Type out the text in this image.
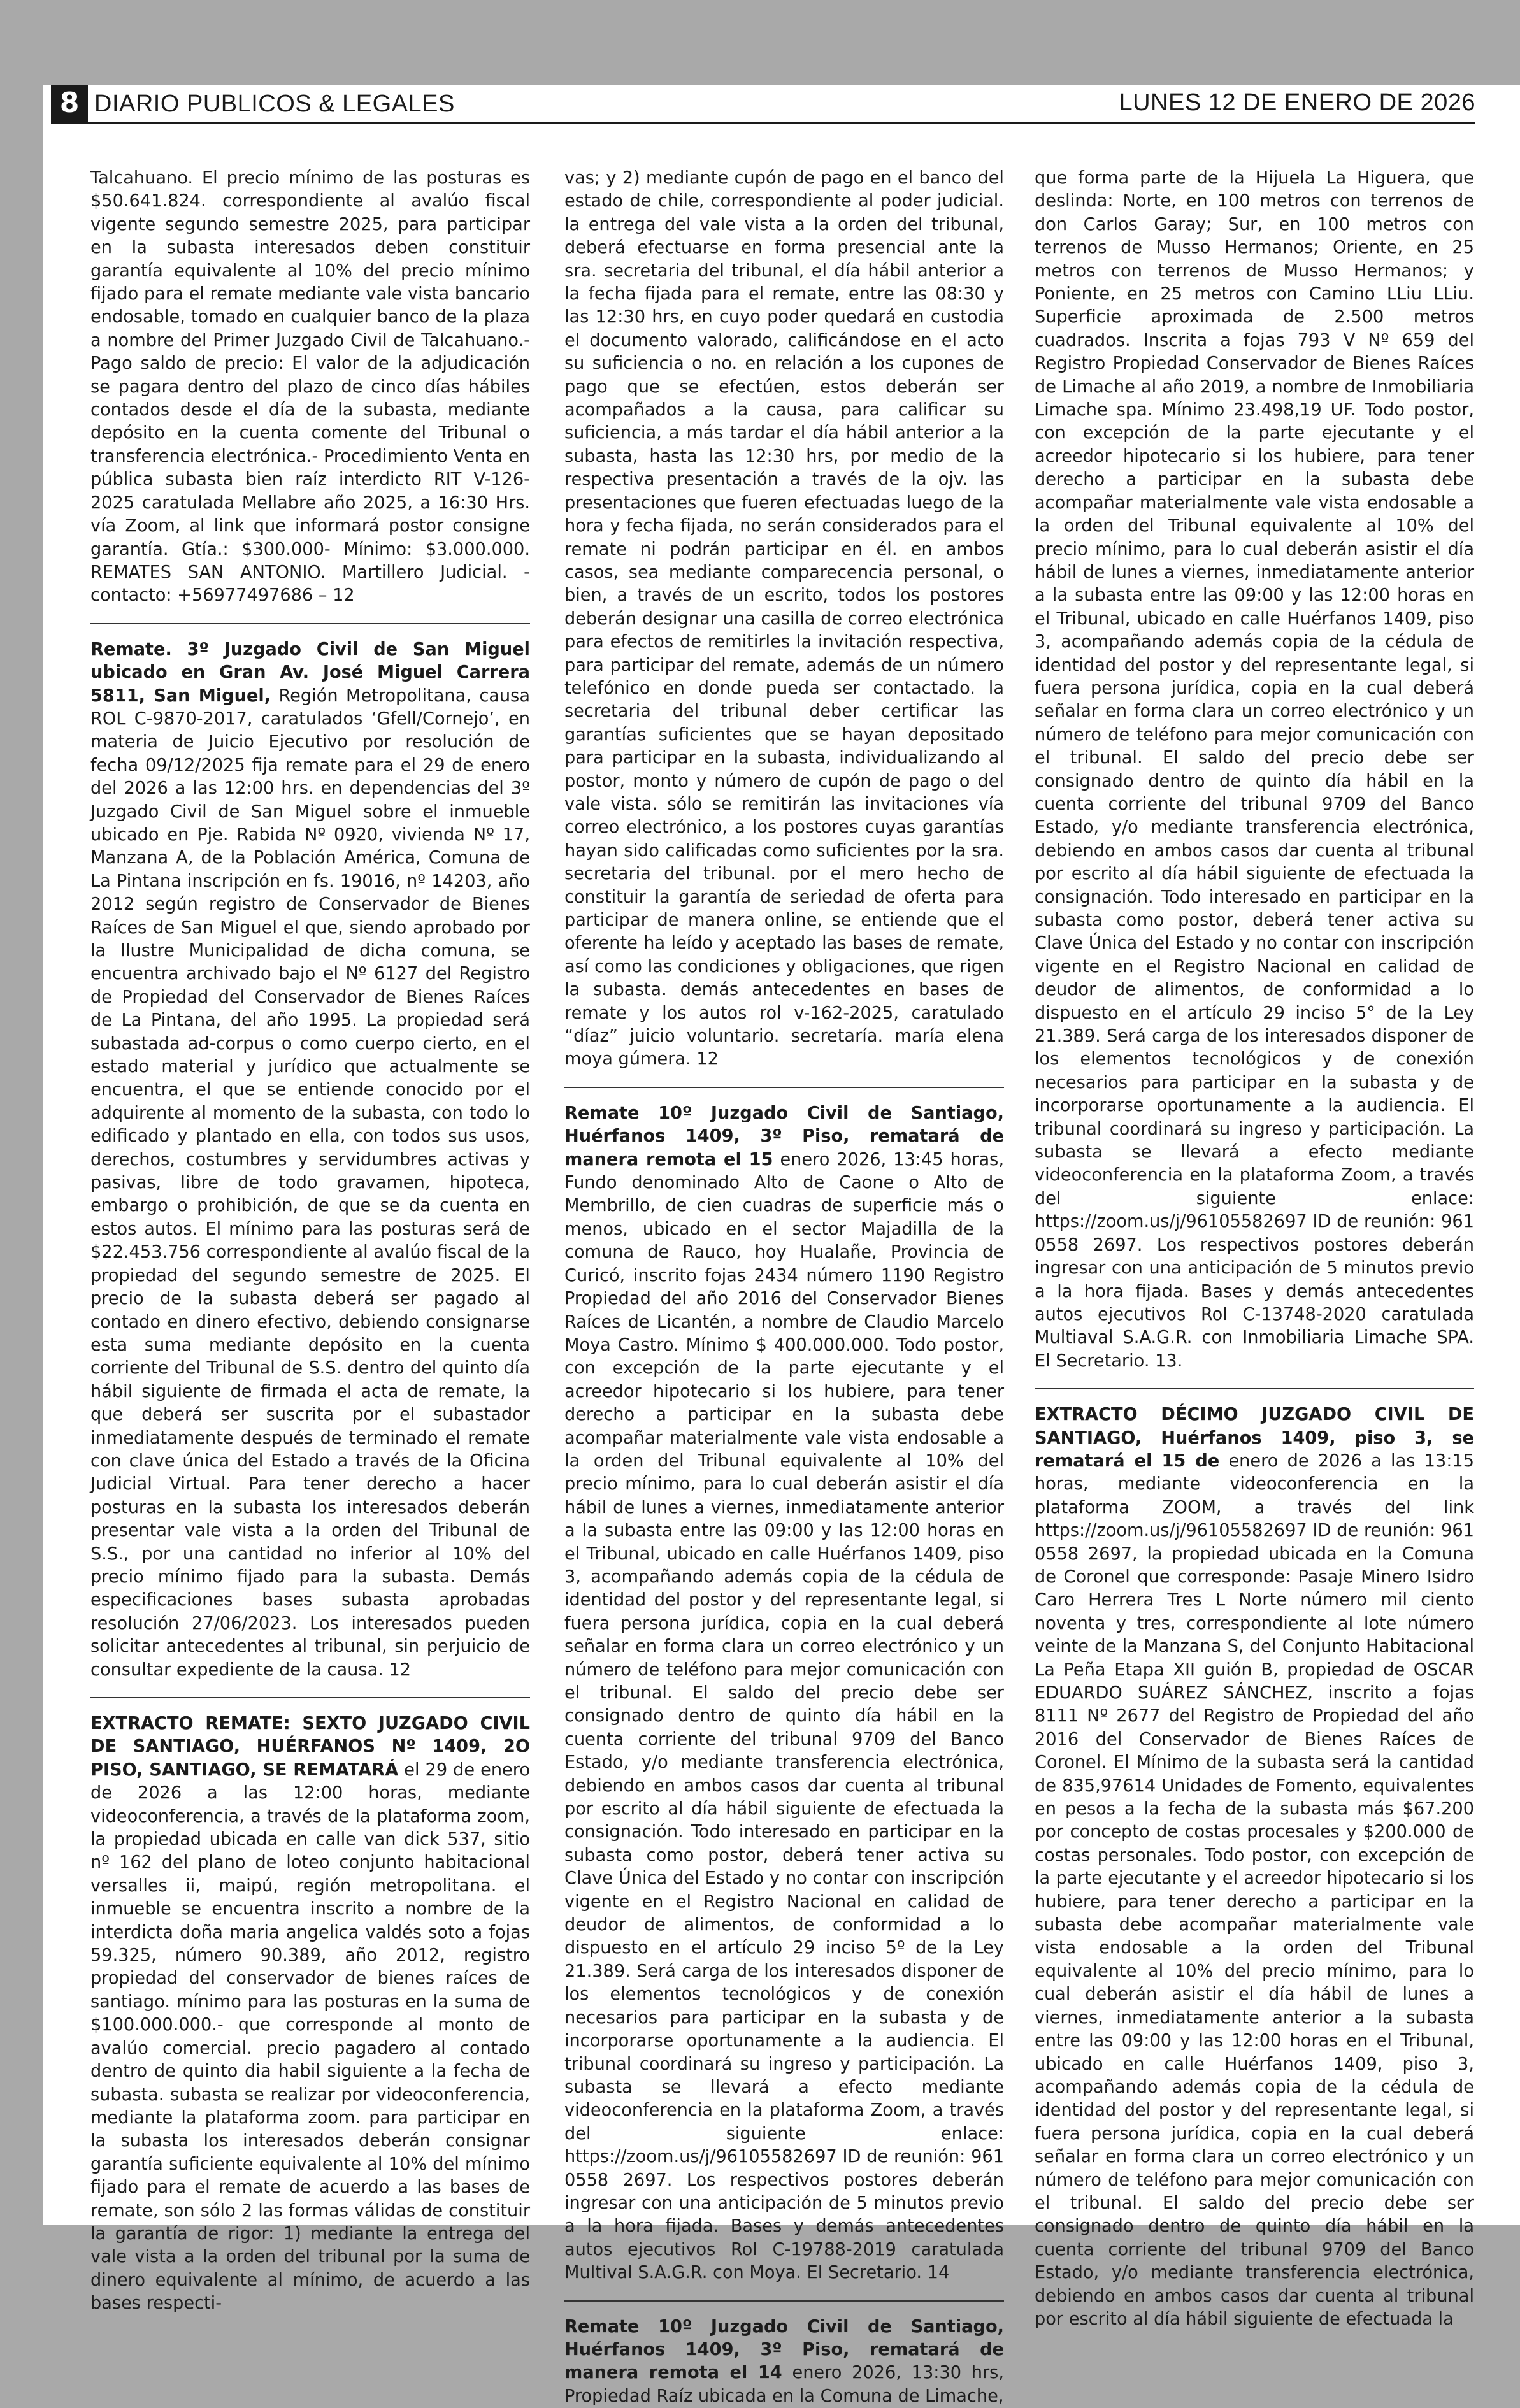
8 DIARIO PUBLICOS & LEGALES	LUNES 12 DE ENERO DE 2026

Talcahuano. El precio mínimo de las posturas es $50.641.824. correspondiente al avalúo fiscal vigente segundo semestre 2025, para participar en la subasta interesados deben constituir garantía equivalente al 10% del precio mínimo fijado para el remate mediante vale vista bancario endosable, tomado en cualquier banco de la plaza a nombre del Primer Juzgado Civil de Talcahuano.- Pago saldo de precio: El valor de la adjudicación se pagara dentro del plazo de cinco días hábiles contados desde el día de la subasta, mediante depósito en la cuenta comente del Tribunal o transferencia electrónica.- Procedimiento Venta en pública subasta bien raíz interdicto RIT V-126-2025 caratulada Mellabre año 2025, a 16:30 Hrs. vía Zoom, al link que informará postor consigne garantía. Gtía.: $300.000- Mínimo: $3.000.000. REMATES SAN ANTONIO. Martillero Judicial. - contacto: +56977497686 – 12

Remate. 3º Juzgado Civil de San Miguel ubicado en Gran Av. José Miguel Carrera 5811, San Miguel, Región Metropolitana, causa ROL C-9870-2017, caratulados ‘Gfell/Cornejo’, en materia de Juicio Ejecutivo por resolución de fecha 09/12/2025 fija remate para el 29 de enero del 2026 a las 12:00 hrs. en dependencias del 3º Juzgado Civil de San Miguel sobre el inmueble ubicado en Pje. Rabida Nº 0920, vivienda Nº 17, Manzana A, de la Población América, Comuna de La Pintana inscripción en fs. 19016, nº 14203, año 2012 según registro de Conservador de Bienes Raíces de San Miguel el que, siendo aprobado por la Ilustre Municipalidad de dicha comuna, se encuentra archivado bajo el Nº 6127 del Registro de Propiedad del Conservador de Bienes Raíces de La Pintana, del año 1995. La propiedad será subastada ad-corpus o como cuerpo cierto, en el estado material y jurídico que actualmente se encuentra, el que se entiende conocido por el adquirente al momento de la subasta, con todo lo edificado y plantado en ella, con todos sus usos, derechos, costumbres y servidumbres activas y pasivas, libre de todo gravamen, hipoteca, embargo o prohibición, de que se da cuenta en estos autos. El mínimo para las posturas será de $22.453.756 correspondiente al avalúo fiscal de la propiedad del segundo semestre de 2025. El precio de la subasta deberá ser pagado al contado en dinero efectivo, debiendo consignarse esta suma mediante depósito en la cuenta corriente del Tribunal de S.S. dentro del quinto día hábil siguiente de firmada el acta de remate, la que deberá ser suscrita por el subastador inmediatamente después de terminado el remate con clave única del Estado a través de la Oficina Judicial Virtual. Para tener derecho a hacer posturas en la subasta los interesados deberán presentar vale vista a la orden del Tribunal de S.S., por una cantidad no inferior al 10% del precio mínimo fijado para la subasta. Demás especificaciones bases subasta aprobadas resolución 27/06/2023. Los interesados pueden solicitar antecedentes al tribunal, sin perjuicio de consultar expediente de la causa. 12

EXTRACTO REMATE: SEXTO JUZGADO CIVIL DE SANTIAGO, HUÉRFANOS Nº 1409, 2O PISO, SANTIAGO, SE REMATARÁ el 29 de enero de 2026 a las 12:00 horas, mediante videoconferencia, a través de la plataforma zoom, la propiedad ubicada en calle van dick 537, sitio nº 162 del plano de loteo conjunto habitacional versalles ii, maipú, región metropolitana. el inmueble se encuentra inscrito a nombre de la interdicta doña maria angelica valdés soto a fojas 59.325, número 90.389, año 2012, registro propiedad del conservador de bienes raíces de santiago. mínimo para las posturas en la suma de $100.000.000.- que corresponde al monto de avalúo comercial. precio pagadero al contado dentro de quinto dia habil siguiente a la fecha de subasta. subasta se realizar por videoconferencia, mediante la plataforma zoom. para participar en la subasta los interesados deberán consignar garantía suficiente equivalente al 10% del mínimo fijado para el remate de acuerdo a las bases de remate, son sólo 2 las formas válidas de constituir la garantía de rigor: 1) mediante la entrega del vale vista a la orden del tribunal por la suma de dinero equivalente al mínimo, de acuerdo a las bases respecti-

vas; y 2) mediante cupón de pago en el banco del estado de chile, correspondiente al poder judicial. la entrega del vale vista a la orden del tribunal, deberá efectuarse en forma presencial ante la sra. secretaria del tribunal, el día hábil anterior a la fecha fijada para el remate, entre las 08:30 y las 12:30 hrs, en cuyo poder quedará en custodia el documento valorado, calificándose en el acto su suficiencia o no. en relación a los cupones de pago que se efectúen, estos deberán ser acompañados a la causa, para calificar su suficiencia, a más tardar el día hábil anterior a la subasta, hasta las 12:30 hrs, por medio de la respectiva presentación a través de la ojv. las presentaciones que fueren efectuadas luego de la hora y fecha fijada, no serán considerados para el remate ni podrán participar en él. en ambos casos, sea mediante comparecencia personal, o bien, a través de un escrito, todos los postores deberán designar una casilla de correo electrónica para efectos de remitirles la invitación respectiva, para participar del remate, además de un número telefónico en donde pueda ser contactado. la secretaria del tribunal deber certificar las garantías suficientes que se hayan depositado para participar en la subasta, individualizando al postor, monto y número de cupón de pago o del vale vista. sólo se remitirán las invitaciones vía correo electrónico, a los postores cuyas garantías hayan sido calificadas como suficientes por la sra. secretaria del tribunal. por el mero hecho de constituir la garantía de seriedad de oferta para participar de manera online, se entiende que el oferente ha leído y aceptado las bases de remate, así como las condiciones y obligaciones, que rigen la subasta. demás antecedentes en bases de remate y los autos rol v-162-2025, caratulado “díaz” juicio voluntario. secretaría. maría elena moya gúmera. 12

Remate 10º Juzgado Civil de Santiago, Huérfanos 1409, 3º Piso, rematará de manera remota el 15 enero 2026, 13:45 horas, Fundo denominado Alto de Caone o Alto de Membrillo, de cien cuadras de superficie más o menos, ubicado en el sector Majadilla de la comuna de Rauco, hoy Hualañe, Provincia de Curicó, inscrito fojas 2434 número 1190 Registro Propiedad del año 2016 del Conservador Bienes Raíces de Licantén, a nombre de Claudio Marcelo Moya Castro. Mínimo $ 400.000.000. Todo postor, con excepción de la parte ejecutante y el acreedor hipotecario si los hubiere, para tener derecho a participar en la subasta debe acompañar materialmente vale vista endosable a la orden del Tribunal equivalente al 10% del precio mínimo, para lo cual deberán asistir el día hábil de lunes a viernes, inmediatamente anterior a la subasta entre las 09:00 y las 12:00 horas en el Tribunal, ubicado en calle Huérfanos 1409, piso 3, acompañando además copia de la cédula de identidad del postor y del representante legal, si fuera persona jurídica, copia en la cual deberá señalar en forma clara un correo electrónico y un número de teléfono para mejor comunicación con el tribunal. El saldo del precio debe ser consignado dentro de quinto día hábil en la cuenta corriente del tribunal 9709 del Banco Estado, y/o mediante transferencia electrónica, debiendo en ambos casos dar cuenta al tribunal por escrito al día hábil siguiente de efectuada la consignación. Todo interesado en participar en la subasta como postor, deberá tener activa su Clave Única del Estado y no contar con inscripción vigente en el Registro Nacional en calidad de deudor de alimentos, de conformidad a lo dispuesto en el artículo 29 inciso 5º de la Ley 21.389. Será carga de los interesados disponer de los elementos tecnológicos y de conexión necesarios para participar en la subasta y de incorporarse oportunamente a la audiencia. El tribunal coordinará su ingreso y participación. La subasta se llevará a efecto mediante videoconferencia en la plataforma Zoom, a través del siguiente enlace: https://zoom.us/j/96105582697 ID de reunión: 961 0558 2697. Los respectivos postores deberán ingresar con una anticipación de 5 minutos previo a la hora fijada. Bases y demás antecedentes autos ejecutivos Rol C-19788-2019 caratulada Multival S.A.G.R. con Moya. El Secretario. 14

Remate 10º Juzgado Civil de Santiago, Huérfanos 1409, 3º Piso, rematará de manera remota el 14 enero 2026, 13:30 hrs, Propiedad Raíz ubicada en la Comuna de Limache,

que forma parte de la Hijuela La Higuera, que deslinda: Norte, en 100 metros con terrenos de don Carlos Garay; Sur, en 100 metros con terrenos de Musso Hermanos; Oriente, en 25 metros con terrenos de Musso Hermanos; y Poniente, en 25 metros con Camino LLiu LLiu. Superficie aproximada de 2.500 metros cuadrados. Inscrita a fojas 793 V Nº 659 del Registro Propiedad Conservador de Bienes Raíces de Limache al año 2019, a nombre de Inmobiliaria Limache spa. Mínimo 23.498,19 UF. Todo postor, con excepción de la parte ejecutante y el acreedor hipotecario si los hubiere, para tener derecho a participar en la subasta debe acompañar materialmente vale vista endosable a la orden del Tribunal equivalente al 10% del precio mínimo, para lo cual deberán asistir el día hábil de lunes a viernes, inmediatamente anterior a la subasta entre las 09:00 y las 12:00 horas en el Tribunal, ubicado en calle Huérfanos 1409, piso 3, acompañando además copia de la cédula de identidad del postor y del representante legal, si fuera persona jurídica, copia en la cual deberá señalar en forma clara un correo electrónico y un número de teléfono para mejor comunicación con el tribunal. El saldo del precio debe ser consignado dentro de quinto día hábil en la cuenta corriente del tribunal 9709 del Banco Estado, y/o mediante transferencia electrónica, debiendo en ambos casos dar cuenta al tribunal por escrito al día hábil siguiente de efectuada la consignación. Todo interesado en participar en la subasta como postor, deberá tener activa su Clave Única del Estado y no contar con inscripción vigente en el Registro Nacional en calidad de deudor de alimentos, de conformidad a lo dispuesto en el artículo 29 inciso 5° de la Ley 21.389. Será carga de los interesados disponer de los elementos tecnológicos y de conexión necesarios para participar en la subasta y de incorporarse oportunamente a la audiencia. El tribunal coordinará su ingreso y participación. La subasta se llevará a efecto mediante videoconferencia en la plataforma Zoom, a través del siguiente enlace: https://zoom.us/j/96105582697 ID de reunión: 961 0558 2697. Los respectivos postores deberán ingresar con una anticipación de 5 minutos previo a la hora fijada. Bases y demás antecedentes autos ejecutivos Rol C-13748-2020 caratulada Multiaval S.A.G.R. con Inmobiliaria Limache SPA. El Secretario. 13.

EXTRACTO DÉCIMO JUZGADO CIVIL DE SANTIAGO, Huérfanos 1409, piso 3, se rematará el 15 de enero de 2026 a las 13:15 horas, mediante videoconferencia en la plataforma ZOOM, a través del link https://zoom.us/j/96105582697 ID de reunión: 961 0558 2697, la propiedad ubicada en la Comuna de Coronel que corresponde: Pasaje Minero Isidro Caro Herrera Tres L Norte número mil ciento noventa y tres, correspondiente al lote número veinte de la Manzana S, del Conjunto Habitacional La Peña Etapa XII guión B, propiedad de OSCAR EDUARDO SUÁREZ SÁNCHEZ, inscrito a fojas 8111 Nº 2677 del Registro de Propiedad del año 2016 del Conservador de Bienes Raíces de Coronel. El Mínimo de la subasta será la cantidad de 835,97614 Unidades de Fomento, equivalentes en pesos a la fecha de la subasta más $67.200 por concepto de costas procesales y $200.000 de costas personales. Todo postor, con excepción de la parte ejecutante y el acreedor hipotecario si los hubiere, para tener derecho a participar en la subasta debe acompañar materialmente vale vista endosable a la orden del Tribunal equivalente al 10% del precio mínimo, para lo cual deberán asistir el día hábil de lunes a viernes, inmediatamente anterior a la subasta entre las 09:00 y las 12:00 horas en el Tribunal, ubicado en calle Huérfanos 1409, piso 3, acompañando además copia de la cédula de identidad del postor y del representante legal, si fuera persona jurídica, copia en la cual deberá señalar en forma clara un correo electrónico y un número de teléfono para mejor comunicación con el tribunal. El saldo del precio debe ser consignado dentro de quinto día hábil en la cuenta corriente del tribunal 9709 del Banco Estado, y/o mediante transferencia electrónica, debiendo en ambos casos dar cuenta al tribunal por escrito al día hábil siguiente de efectuada la
